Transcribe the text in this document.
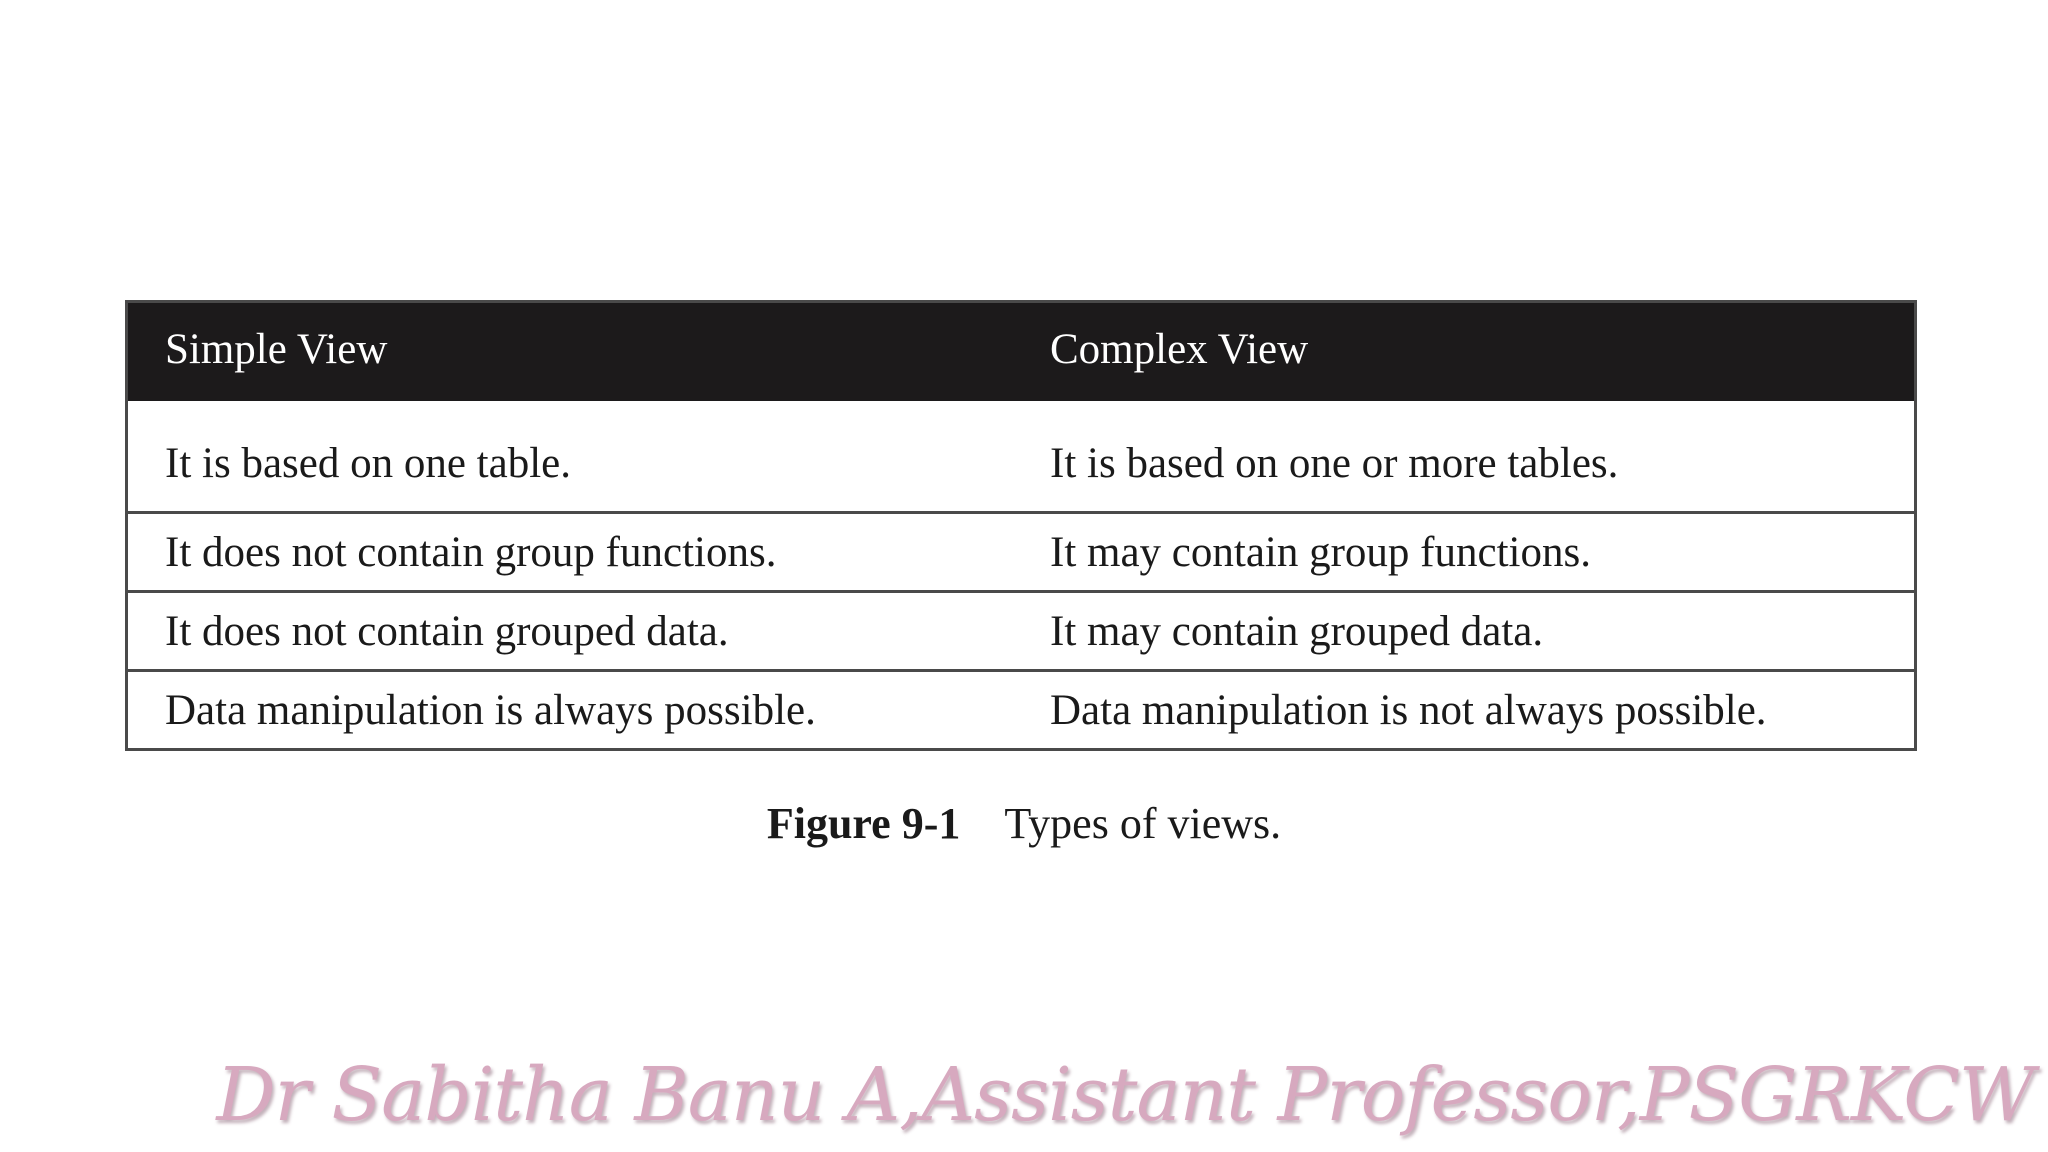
Simple View	Complex View
It is based on one table.	It is based on one or more tables.
It does not contain group functions.	It may contain group functions.
It does not contain grouped data.	It may contain grouped data.
Data manipulation is always possible.	Data manipulation is not always possible.
Figure 9-1 Types of views.
Dr Sabitha Banu A,Assistant Professor,PSGRKCW
